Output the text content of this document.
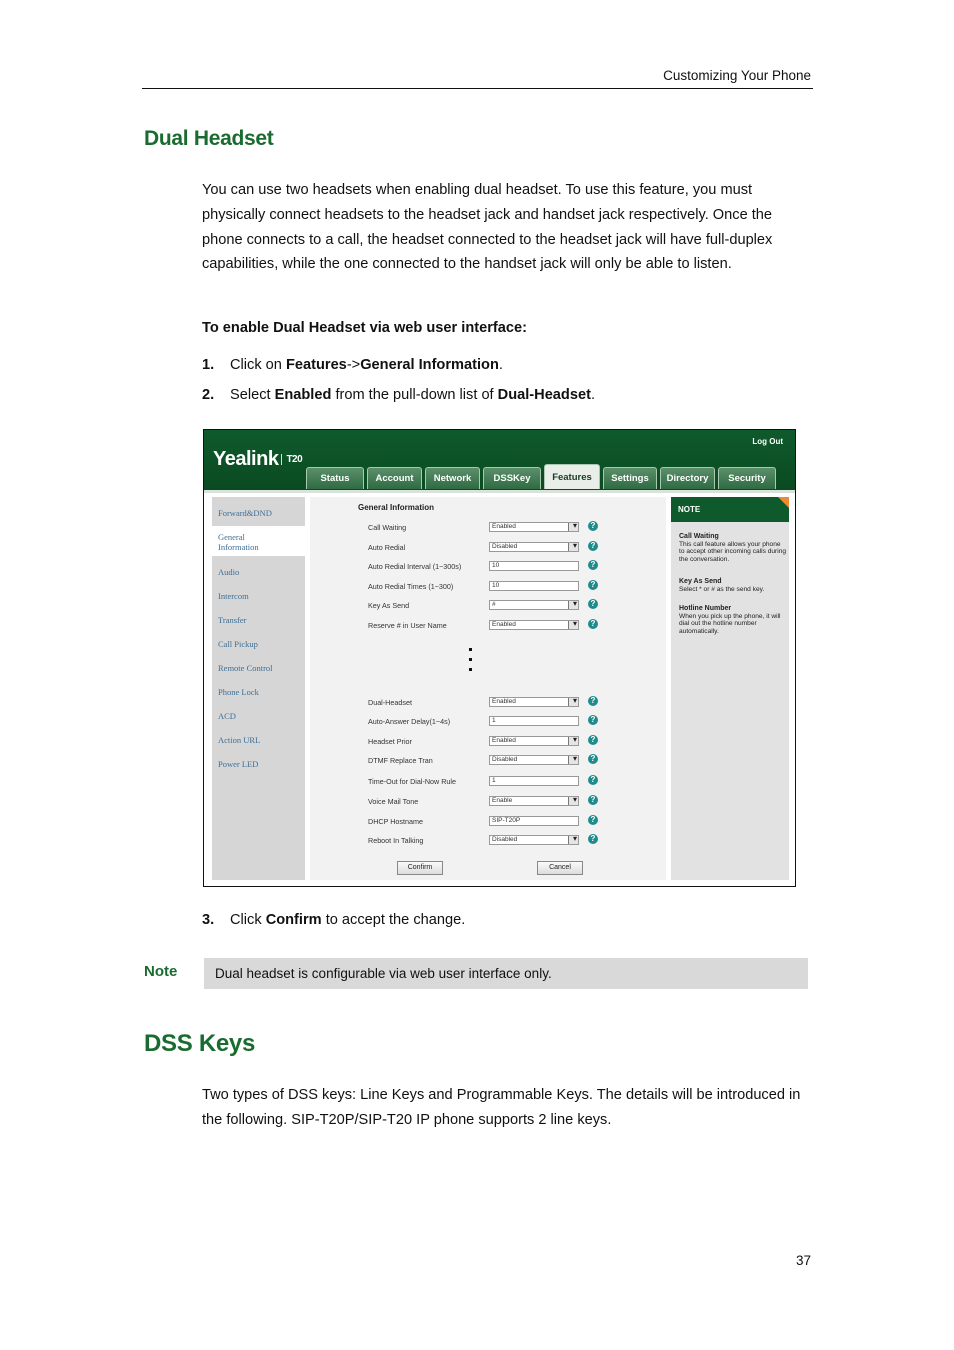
Customizing Your Phone
Dual Headset
You can use two headsets when enabling dual headset. To use this feature, you must physically connect headsets to the headset jack and handset jack respectively. Once the phone connects to a call, the headset connected to the headset jack will have full-duplex capabilities, while the one connected to the handset jack will only be able to listen.
To enable Dual Headset via web user interface:
1. Click on Features->General Information.
2. Select Enabled from the pull-down list of Dual-Headset.
Yealink T20
Log Out
Status	Account	Network	DSSKey	Features	Settings	Directory	Security
Forward&DND
General Information
Audio
Intercom
Transfer
Call Pickup
Remote Control
Phone Lock
ACD
Action URL
Power LED
General Information
Call Waiting	▾ Enabled	?
Auto Redial	▾ Disabled	?
Auto Redial Interval (1~300s)	10	?
Auto Redial Times (1~300)	10	?
Key As Send	▾ #	?
Reserve # in User Name	▾ Enabled	?
Dual-Headset	▾ Enabled	?
Auto-Answer Delay(1~4s)	1	?
Headset Prior	▾ Enabled	?
DTMF Replace Tran	▾ Disabled	?
Time-Out for Dial-Now Rule	1	?
Voice Mail Tone	▾ Enable	?
DHCP Hostname	SIP-T20P	?
Reboot In Talking	▾ Disabled	?
Confirm	Cancel
NOTE
Call Waiting
This call feature allows your phone to accept other incoming calls during the conversation.
Key As Send
Select * or # as the send key.
Hotline Number
When you pick up the phone, it will dial out the hotline number automatically.
3. Click Confirm to accept the change.
Note	Dual headset is configurable via web user interface only.
DSS Keys
Two types of DSS keys: Line Keys and Programmable Keys. The details will be introduced in the following. SIP-T20P/SIP-T20 IP phone supports 2 line keys.
37
